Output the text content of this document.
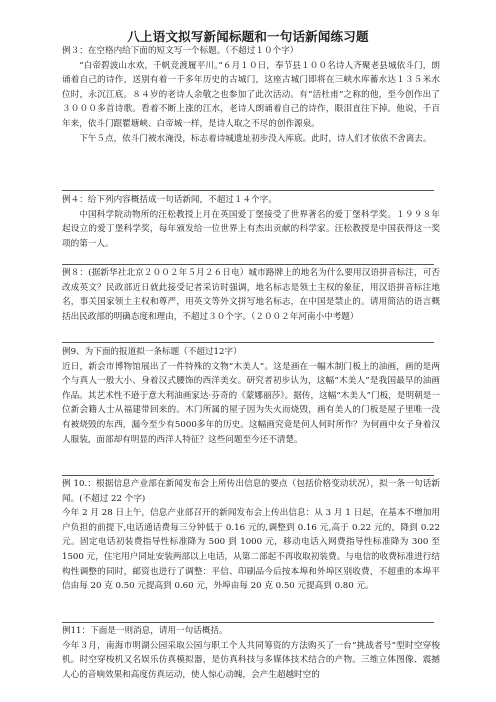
八上语文拟写新闻标题和一句话新闻练习题

例３：在空格内给下面的短文写一个标题。（不超过１０个字）

“白帝碧波山水欢，千帆竞渡履平川。”６月１０日，奉节县１００名诗人齐聚老县城依斗门，朗诵着自己的诗作，送别有着一千多年历史的古城门，这座古城门即将在三峡水库蓄水达１３５米水位时，永沉江底。８４岁的老诗人余敬之也参加了此次活动。有“活杜甫”之称的他，至今创作出了３０００多首诗歌。看着不断上涨的江水，老诗人朗诵着自己的诗作，眼泪直往下掉。他说，千百年来，依斗门跟瞿塘峡、白帝城一样，是诗人取之不尽的创作源泉。

下午５点，依斗门被水淹没，标志着诗城遗址初步没入库底。此时，诗人们才依依不舍离去。

例４：给下列内容概括成一句话新闻，不超过１４个字。

中国科学院动物所的汪松教授上月在英国爱丁堡接受了世界著名的爱丁堡科学奖。１９９８年起设立的爱丁堡科学奖，每年颁发给一位世界上有杰出贡献的科学家。汪松教授是中国获得这一奖项的第一人。

例８：(据新华社北京２００２年５月２６日电）城市路牌上的地名为什么要用汉语拼音标注，可否改成英文？民政部近日就此接受记者采访时强调，地名标志是领土主权的象征，用汉语拼音标注地名，事关国家领土主权和尊严，用英文等外文拼写地名标志，在中国是禁止的。请用简洁的语言概括出民政部的明确态度和理由，不超过３０个字。（２００２年河南小中考题）

例9、为下面的报道拟一条标题（不超过12字）

近日，新会市博物馆展出了一件特殊的文物“木美人”。这是画在一幅木制门板上的油画，画的是两个与真人一般大小、身着汉式腰饰的西洋美女。研究者初步认为，这幅“木美人”是我国最早的油画作品。其艺术性不逊于意大利油画家达·芬奇的《蒙娜丽莎》。据传，这幅“木美人”门板，是明朝是一位新会籍人士从福建带回来的。木门所属的屋子因为失火而烧毁，画有美人的门板是屋子里唯一没有被烧毁的东西，漏今至少有5000多年的历史。这幅画究竟是何人何时所作？为何画中女子身着汉人服装，面部却有明显的西洋人特征？这些问题至今还不清楚。

例 10.：根据信息产业部在新闻发布会上所传出信息的要点（包括价格变动状况），拟一条一句话新闻。(不超过 22 个字)

今年 2 月 28 日上午，信息产业部召开的新闻发布会上传出信息：从 3 月 1 日起，在基本不增加用户负担的前提下,电话通话费每三分钟低于 0.16 元的,调整到 0.16 元,高于 0.22 元的，降到 0.22 元。固定电话初装费指导性标准降为 500 到 1000 元，移动电话入网费指导性标准降为 300 至 1500 元，住宅用户同址安装两部以上电话，从第二部起不再收取初装费。与电信的收费标准进行结构性调整的同时，邮资也进行了调整：平信、印刷品今后按本埠和外埠区别收费，不超重的本埠平信由每 20 克 0.50 元提高到 0.60 元，外埠由每 20 克 0.50 元提高到 0.80 元。

例11：下面是一则消息，请用一句话概括。

今年３月，南海市明湖公园采取公园与职工个人共同筹资的方法购买了一台“挑战者号”型时空穿梭机。时空穿梭机又名娱乐仿真模拟器，是仿真科技与多媒体技术结合的产物。三维立体图像、震撼人心的音响效果和高度仿真运动，使人惊心动魄，会产生超越时空的
